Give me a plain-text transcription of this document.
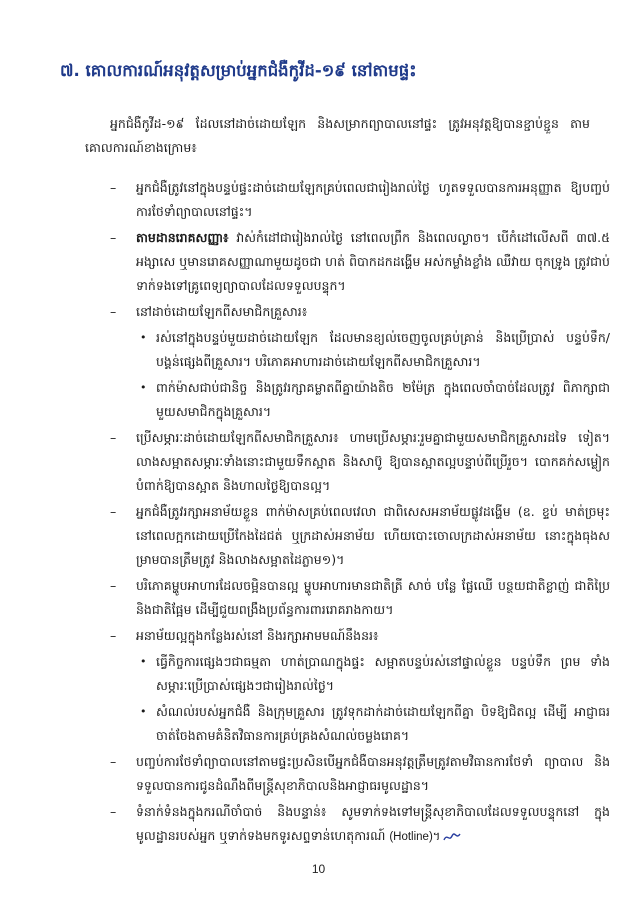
៧. គោលការណ៍អនុវត្តសម្រាប់អ្នកជំងឺកូវីដ-១៩ នៅតាមផ្ទះ
អ្នកជំងឺកូវីដ-១៩ ដែលនៅដាច់ដោយឡែក និងសម្រាកព្យាបាលនៅផ្ទះ ត្រូវអនុវត្តឱ្យបានខ្ជាប់ខ្ជួន តាមគោលការណ៍ខាងក្រោម៖
–	អ្នកជំងឺត្រូវនៅក្នុងបន្ទប់ផ្ទះដាច់ដោយឡែកគ្រប់ពេលជារៀងរាល់ថ្ងៃ ហូតទទួលបានការអនុញ្ញាត ឱ្យបញ្ចប់ការថែទាំព្យាបាលនៅផ្ទះ។
–	តាមដានរោគសញ្ញា៖ វាស់កំដៅជារៀងរាល់ថ្ងៃ នៅពេលព្រឹក និងពេលល្ងាច។ បើកំដៅលើសពី ៣៧.៥ អង្សាសេ ឬមានរោគសញ្ញាណាមួយដូចជា ហត់ ពិបាកដកដង្ហើម អស់កម្លាំងខ្លាំង ឈឺវាយ ចុកទ្រូង ត្រូវជាប់ទាក់ទងទៅគ្រូពេទ្យព្យាបាលដែលទទួលបន្ទុក។
–	នៅដាច់ដោយឡែកពីសមាជិកគ្រួសារ៖
• រស់នៅក្នុងបន្ទប់មួយដាច់ដោយឡែក ដែលមានខ្យល់ចេញចូលគ្រប់គ្រាន់ និងប្រើប្រាស់ បន្ទប់ទឹក/បង្គន់ផ្សេងពីគ្រួសារ។ បរិភោគអាហារដាច់ដោយឡែកពីសមាជិកគ្រួសារ។
• ពាក់ម៉ាសជាប់ជានិច្ច និងត្រូវរក្សាគម្លាតពីគ្នាយ៉ាងតិច ២ម៉ែត្រ ក្នុងពេលចាំបាច់ដែលត្រូវ ពិភាក្សាជាមួយសមាជិកក្នុងគ្រួសារ។
–	ប្រើសម្ភារៈដាច់ដោយឡែកពីសមាជិកគ្រួសារ៖ ហាមប្រើសម្ភារៈរួមគ្នាជាមួយសមាជិកគ្រួសារដទៃ ទៀត។ លាងសម្អាតសម្ភារៈទាំងនោះជាមួយទឹកស្អាត និងសាប៊ូ ឱ្យបានស្អាតល្អបន្ទាប់ពីប្រើរួច។ បោកគក់សម្លៀកបំពាក់ឱ្យបានស្អាត និងហាលថ្ងៃឱ្យបានល្អ។
–	អ្នកជំងឺត្រូវរក្សាអនាម័យខ្លួន ពាក់ម៉ាសគ្រប់ពេលវេលា ជាពិសេសអនាម័យផ្លូវដង្ហើម (ឧ. ខ្ទប់ មាត់ច្រមុះនៅពេលក្អកដោយប្រើកែងដៃជត់ ឬក្រដាស់អនាម័យ ហើយបោះចោលក្រដាស់អនាម័យ នោះក្នុងធុងសម្រាមបានត្រឹមត្រូវ និងលាងសម្អាតដៃភ្លាម១)។
–	បរិភោគម្ហូបអាហារដែលចម្អិនបានល្អ ម្ហូបអាហារមានជាតិត្រី សាច់ បន្លែ ផ្លែឈើ បន្ថយជាតិខ្លាញ់ ជាតិប្រៃ និងជាតិផ្អែម ដើម្បីជួយពង្រឹងប្រព័ន្ធការពាររោគរាងកាយ។
–	អនាម័យល្អក្នុងកន្លែងរស់នៅ និងរក្សាអាមមណ៍នឹងនរ៖
• ធ្វើកិច្ចការផ្សេងៗជាធម្មតា ហាត់ប្រាណក្នុងផ្ទះ សម្អាតបន្ទប់រស់នៅផ្ទាល់ខ្លួន បន្ទប់ទឹក ព្រម ទាំងសម្ភារៈប្រើប្រាស់ផ្សេងៗជារៀងរាល់ថ្ងៃ។
• សំណល់របស់អ្នកជំងឺ និងក្រុមគ្រួសារ ត្រូវទុកដាក់ដាច់ដោយឡែកពីគ្នា បិទឱ្យជិតល្អ ដើម្បី អាជ្ញាធរចាត់ចែងតាមគំនិតវិធានការគ្រប់គ្រងសំណល់ចម្លងរោគ។
–	បញ្ចប់ការថែទាំព្យាបាលនៅតាមផ្ទះប្រសិនបើអ្នកជំងឺបានអនុវត្តត្រឹមត្រូវតាមវិធានការថែទាំ ព្យាបាល និងទទួលបានការជូនដំណឹងពីមន្ត្រីសុខាភិបាលនិងអាជ្ញាធរមូលដ្ឋាន។
–	ទំនាក់ទំនងក្នុងករណីចាំបាច់ និងបន្ទាន់៖ សូមទាក់ទងទៅមន្ត្រីសុខាភិបាលដែលទទួលបន្ទុកនៅ ក្នុងមូលដ្ឋានរបស់អ្នក ឬទាក់ទងមកទូរសព្ទទាន់ហេតុការណ៍ (Hotline)។
10
